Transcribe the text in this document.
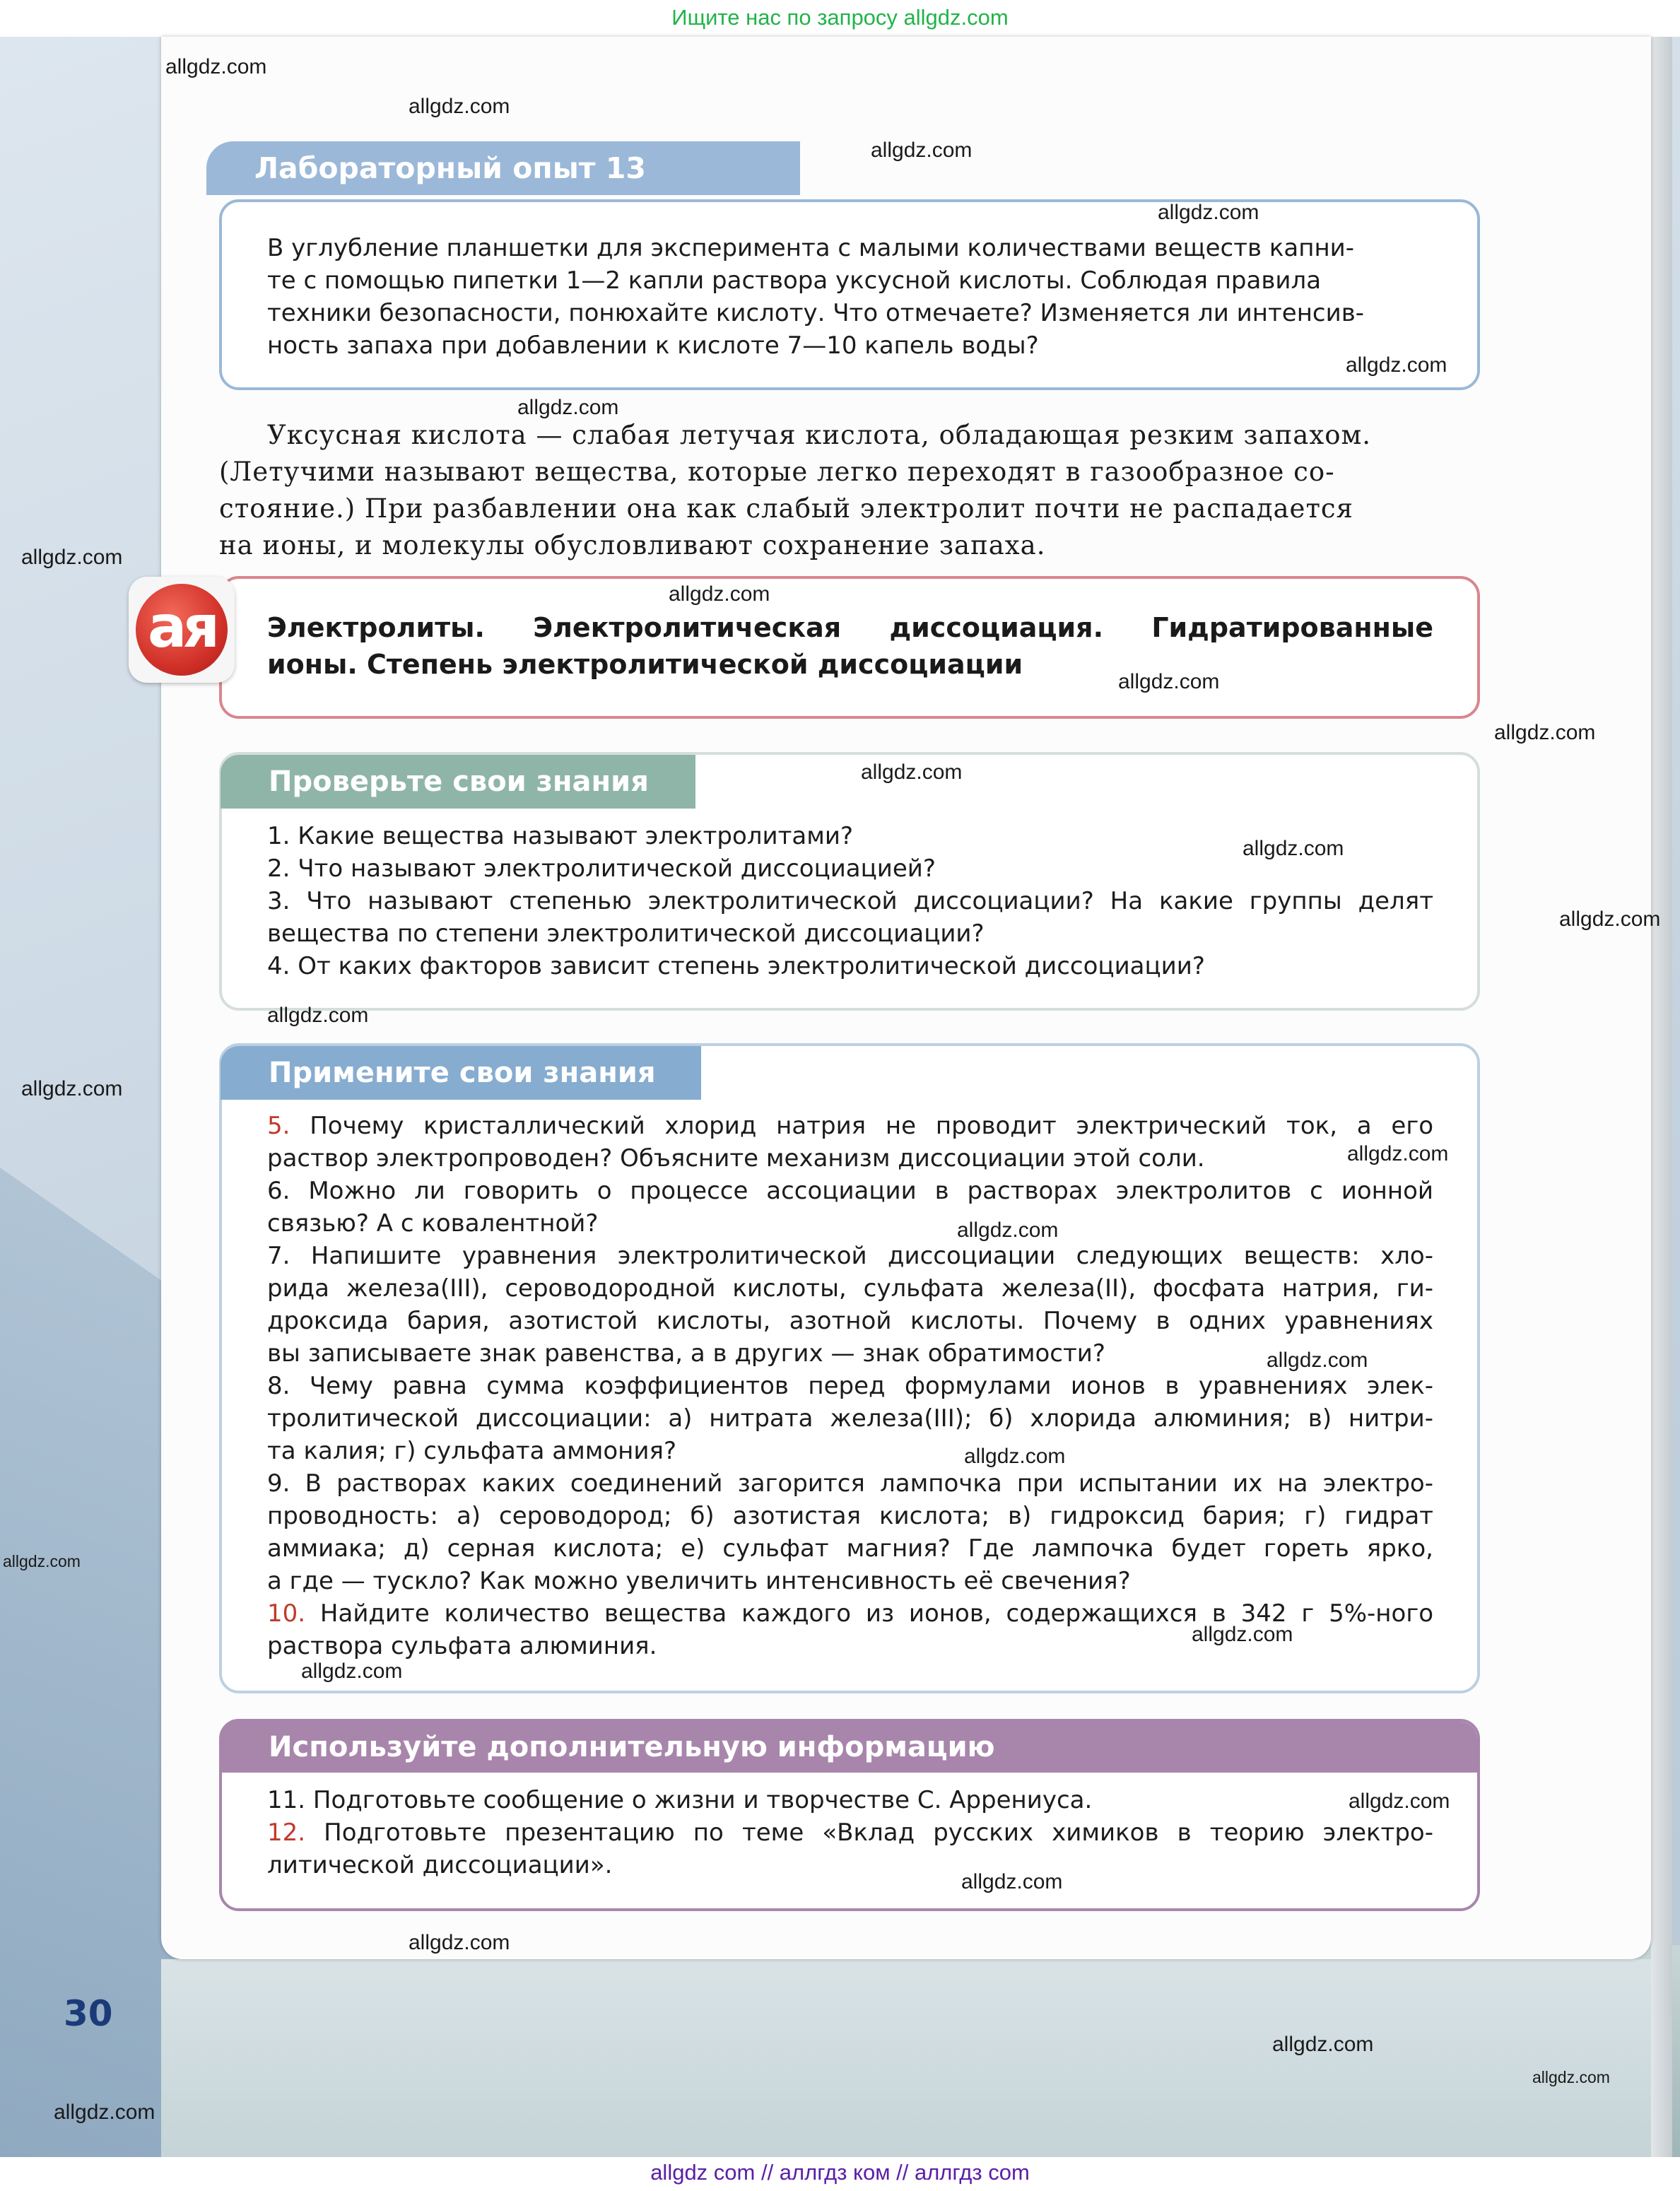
Ищите нас по запросу allgdz.com
Лабораторный опыт 13

В углубление планшетки для эксперимента с малыми количествами веществ капни-

те с помощью пипетки 1—2 капли раствора уксусной кислоты. Соблюдая правила

техники безопасности, понюхайте кислоту. Что отмечаете? Изменяется ли интенсив-

ность запаха при добавлении к кислоте 7—10 капель воды?

Уксусная кислота — слабая летучая кислота, обладающая резким запахом.

(Летучими называют вещества, которые легко переходят в газообразное со-

стояние.) При разбавлении она как слабый электролит почти не распадается

на ионы, и молекулы обусловливают сохранение запаха.

ая	Электролиты. Электролитическая диссоциация. Гидратированные

ионы. Степень электролитической диссоциации

Проверьте свои знания

1. Какие вещества называют электролитами?

2. Что называют электролитической диссоциацией?

3. Что называют степенью электролитической диссоциации? На какие группы делят

вещества по степени электролитической диссоциации?

4. От каких факторов зависит степень электролитической диссоциации?

Примените свои знания

5. Почему кристаллический хлорид натрия не проводит электрический ток, а его

раствор электропроводен? Объясните механизм диссоциации этой соли.

6. Можно ли говорить о процессе ассоциации в растворах электролитов с ионной

связью? А с ковалентной?

7. Напишите уравнения электролитической диссоциации следующих веществ: хло-

рида железа(III), сероводородной кислоты, сульфата железа(II), фосфата натрия, ги-

дроксида бария, азотистой кислоты, азотной кислоты. Почему в одних уравнениях

вы записываете знак равенства, а в других — знак обратимости?

8. Чему равна сумма коэффициентов перед формулами ионов в уравнениях элек-

тролитической диссоциации: а) нитрата железа(III); б) хлорида алюминия; в) нитри-

та калия; г) сульфата аммония?

9. В растворах каких соединений загорится лампочка при испытании их на электро-

проводность: а) сероводород; б) азотистая кислота; в) гидроксид бария; г) гидрат

аммиака; д) серная кислота; е) сульфат магния? Где лампочка будет гореть ярко,

а где — тускло? Как можно увеличить интенсивность её свечения?

10. Найдите количество вещества каждого из ионов, содержащихся в 342 г 5%-ного

раствора сульфата алюминия.

Используйте дополнительную информацию

11. Подготовьте сообщение о жизни и творчестве С. Аррениуса.

12. Подготовьте презентацию по теме «Вклад русских химиков в теорию электро-

литической диссоциации».

30
allgdz.com
allgdz.com
allgdz.com
allgdz.com
allgdz.com
allgdz.com
allgdz.com
allgdz.com
allgdz.com
allgdz.com
allgdz.com
allgdz.com
allgdz.com
allgdz.com
allgdz.com
allgdz.com
allgdz.com
allgdz.com
allgdz.com
allgdz.com
allgdz.com
allgdz.com
allgdz.com
allgdz.com
allgdz.com
allgdz.com
allgdz.com
allgdz.com
allgdz com // аллгдз ком // аллгдз com
